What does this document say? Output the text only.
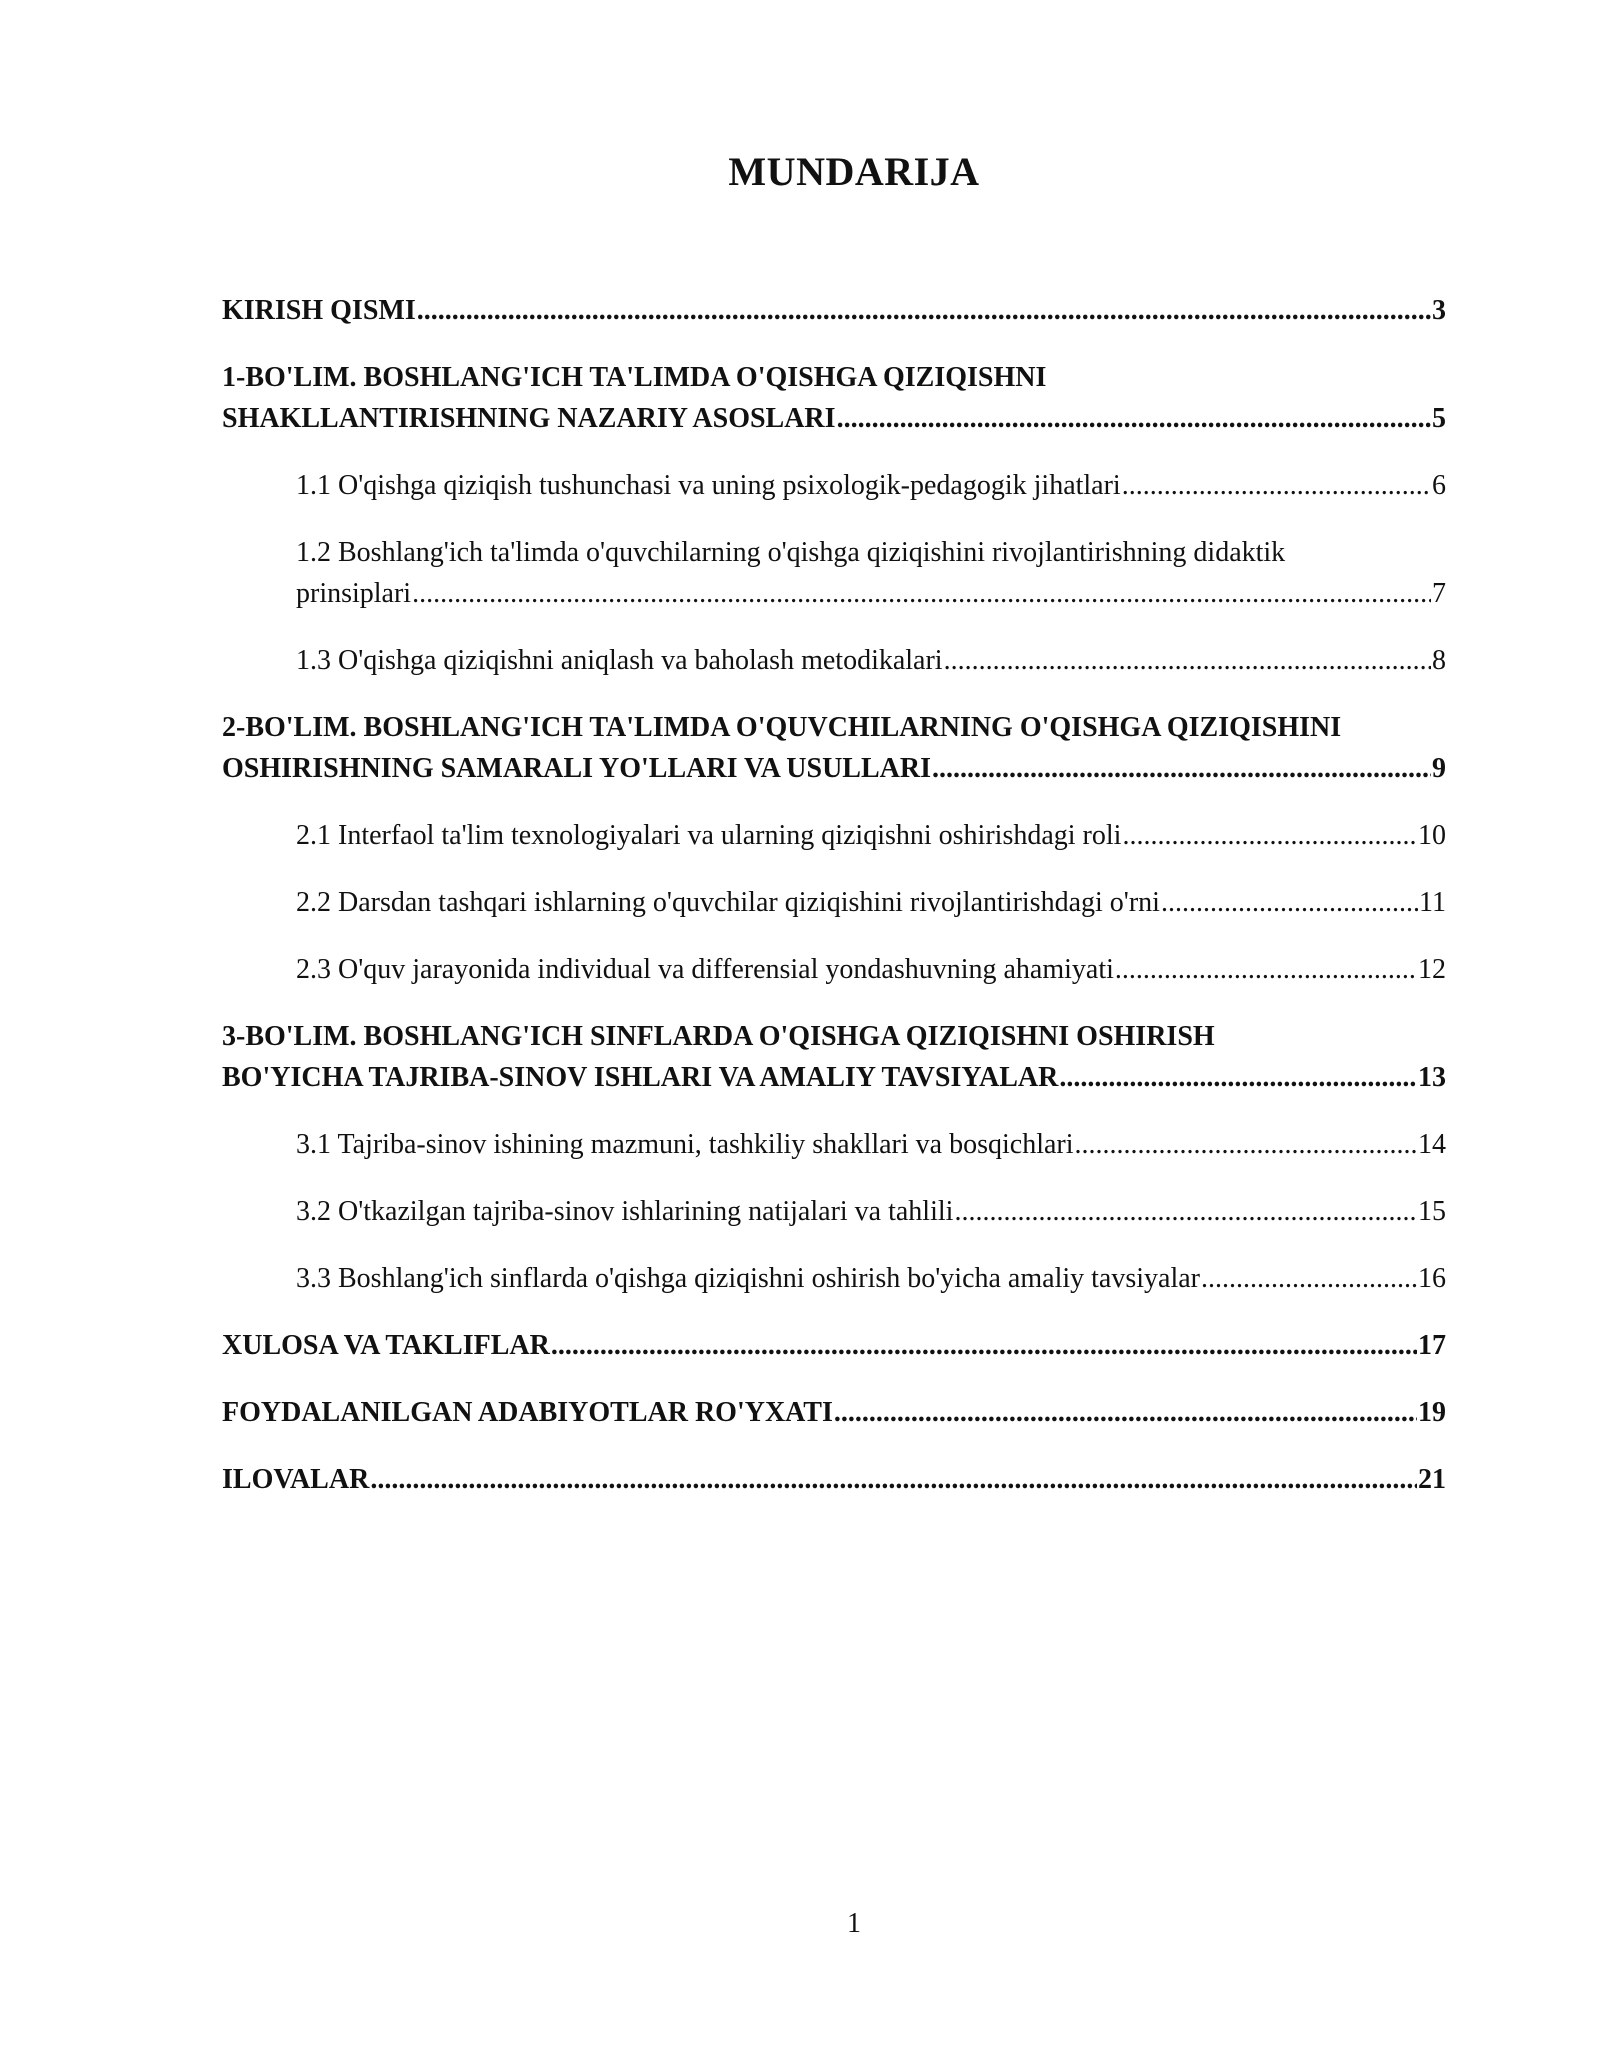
MUNDARIJA
KIRISH QISMI .....	3
1-BO'LIM. BOSHLANG'ICH TA'LIMDA O'QISHGA QIZIQISHNI
SHAKLLANTIRISHNING NAZARIY ASOSLARI .....	5
1.1 O'qishga qiziqish tushunchasi va uning psixologik-pedagogik jihatlari .....	6
1.2 Boshlang'ich ta'limda o'quvchilarning o'qishga qiziqishini rivojlantirishning didaktik
prinsiplari .....	7
1.3 O'qishga qiziqishni aniqlash va baholash metodikalari .....	8
2-BO'LIM. BOSHLANG'ICH TA'LIMDA O'QUVCHILARNING O'QISHGA QIZIQISHINI
OSHIRISHNING SAMARALI YO'LLARI VA USULLARI .....	9
2.1 Interfaol ta'lim texnologiyalari va ularning qiziqishni oshirishdagi roli .....	10
2.2 Darsdan tashqari ishlarning o'quvchilar qiziqishini rivojlantirishdagi o'rni .....	11
2.3 O'quv jarayonida individual va differensial yondashuvning ahamiyati .....	12
3-BO'LIM. BOSHLANG'ICH SINFLARDA O'QISHGA QIZIQISHNI OSHIRISH
BO'YICHA TAJRIBA-SINOV ISHLARI VA AMALIY TAVSIYALAR .....	13
3.1 Tajriba-sinov ishining mazmuni, tashkiliy shakllari va bosqichlari .....	14
3.2 O'tkazilgan tajriba-sinov ishlarining natijalari va tahlili .....	15
3.3 Boshlang'ich sinflarda o'qishga qiziqishni oshirish bo'yicha amaliy tavsiyalar .....	16
XULOSA VA TAKLIFLAR .....	17
FOYDALANILGAN ADABIYOTLAR RO'YXATI .....	19
ILOVALAR .....	21
1
